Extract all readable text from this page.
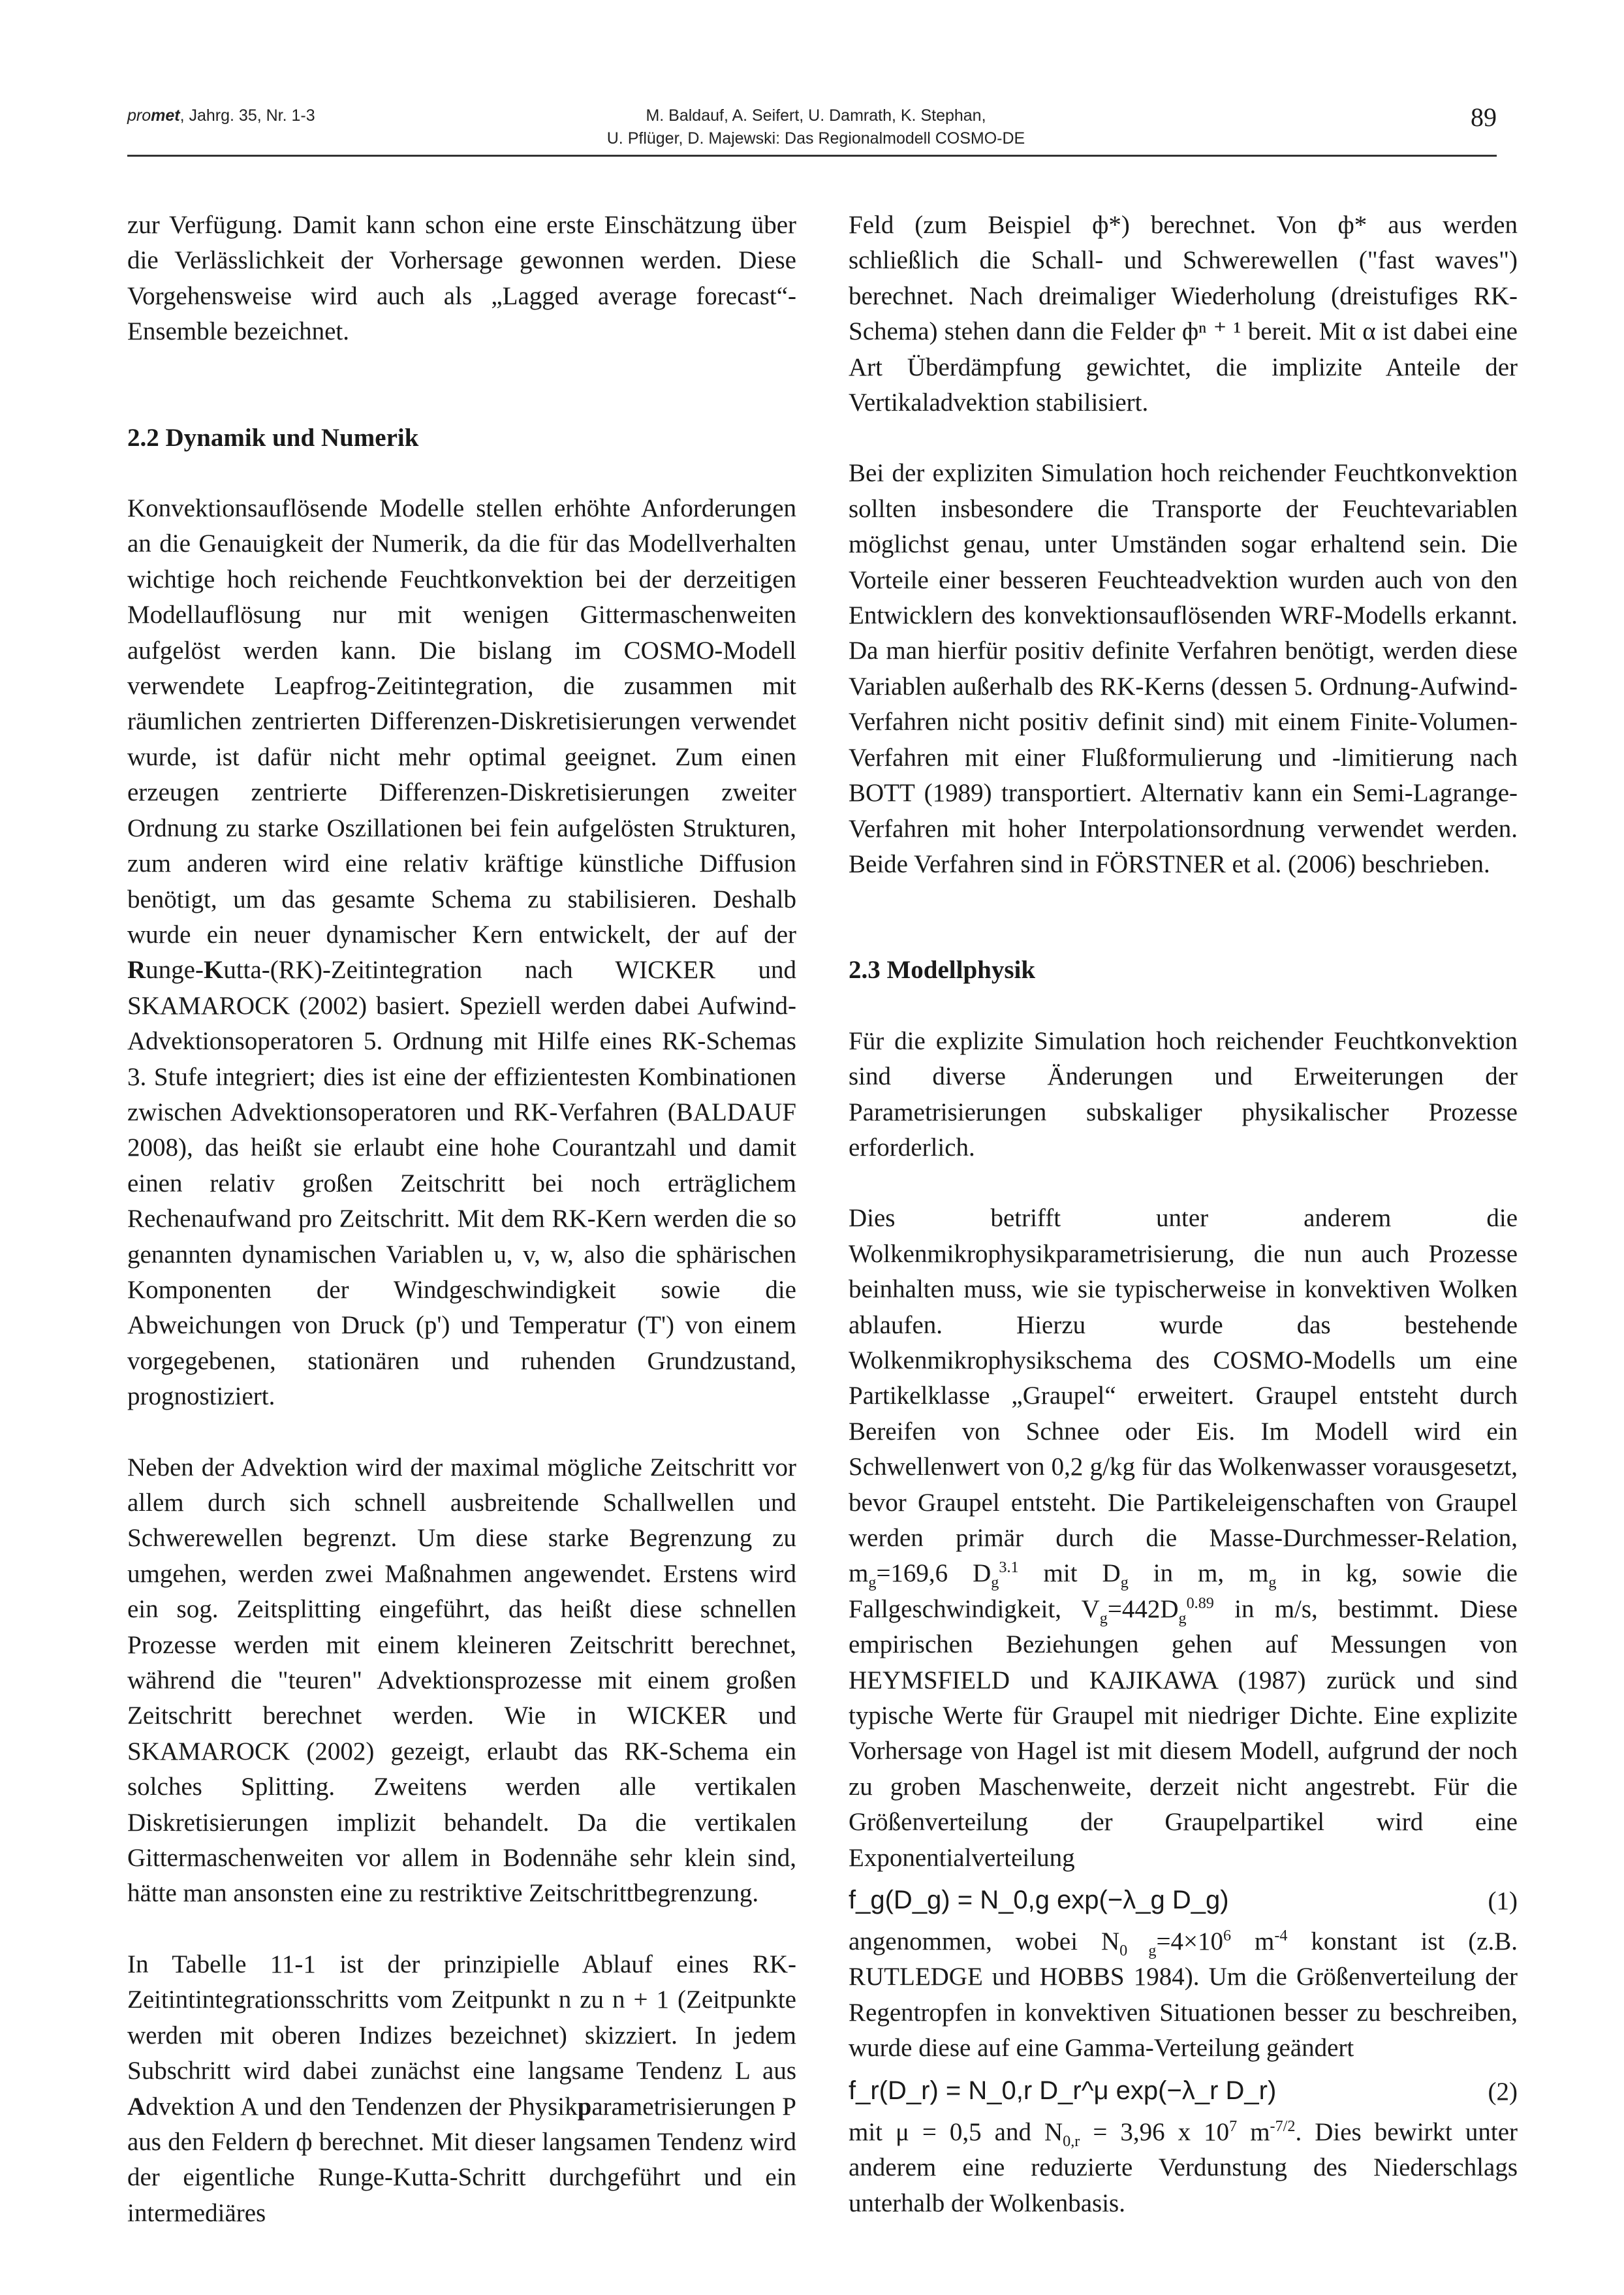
promet, Jahrg. 35, Nr. 1-3	M. Baldauf, A. Seifert, U. Damrath, K. Stephan,
U. Pflüger, D. Majewski: Das Regionalmodell COSMO-DE
89

zur Verfügung. Damit kann schon eine erste Einschätzung über die Verlässlichkeit der Vorhersage gewonnen werden. Diese Vorgehensweise wird auch als „Lagged average forecast“-Ensemble bezeichnet.

2.2 Dynamik und Numerik

Konvektionsauflösende Modelle stellen erhöhte Anforderungen an die Genauigkeit der Numerik, da die für das Modellverhalten wichtige hoch reichende Feuchtkonvektion bei der derzeitigen Modellauflösung nur mit wenigen Gittermaschenweiten aufgelöst werden kann. Die bislang im COSMO-Modell verwendete Leapfrog-Zeitintegration, die zusammen mit räumlichen zentrierten Differenzen-Diskretisierungen verwendet wurde, ist dafür nicht mehr optimal geeignet. Zum einen erzeugen zentrierte Differenzen-Diskretisierungen zweiter Ordnung zu starke Oszillationen bei fein aufgelösten Strukturen, zum anderen wird eine relativ kräftige künstliche Diffusion benötigt, um das gesamte Schema zu stabilisieren. Deshalb wurde ein neuer dynamischer Kern entwickelt, der auf der Runge-Kutta-(RK)-Zeitintegration nach WICKER und SKAMAROCK (2002) basiert. Speziell werden dabei Aufwind-Advektionsoperatoren 5. Ordnung mit Hilfe eines RK-Schemas 3. Stufe integriert; dies ist eine der effizientesten Kombinationen zwischen Advektionsoperatoren und RK-Verfahren (BALDAUF 2008), das heißt sie erlaubt eine hohe Courantzahl und damit einen relativ großen Zeitschritt bei noch erträglichem Rechenaufwand pro Zeitschritt. Mit dem RK-Kern werden die so genannten dynamischen Variablen u, v, w, also die sphärischen Komponenten der Windgeschwindigkeit sowie die Abweichungen von Druck (p') und Temperatur (T') von einem vorgegebenen, stationären und ruhenden Grundzustand, prognostiziert.

Neben der Advektion wird der maximal mögliche Zeitschritt vor allem durch sich schnell ausbreitende Schallwellen und Schwerewellen begrenzt. Um diese starke Begrenzung zu umgehen, werden zwei Maßnahmen angewendet. Erstens wird ein sog. Zeitsplitting eingeführt, das heißt diese schnellen Prozesse werden mit einem kleineren Zeitschritt berechnet, während die "teuren" Advektionsprozesse mit einem großen Zeitschritt berechnet werden. Wie in WICKER und SKAMAROCK (2002) gezeigt, erlaubt das RK-Schema ein solches Splitting. Zweitens werden alle vertikalen Diskretisierungen implizit behandelt. Da die vertikalen Gittermaschenweiten vor allem in Bodennähe sehr klein sind, hätte man ansonsten eine zu restriktive Zeitschrittbegrenzung.

In Tabelle 11-1 ist der prinzipielle Ablauf eines RK-Zeitintintegrationsschritts vom Zeitpunkt n zu n + 1 (Zeitpunkte werden mit oberen Indizes bezeichnet) skizziert. In jedem Subschritt wird dabei zunächst eine langsame Tendenz L aus Advektion A und den Tendenzen der Physikparametrisierungen P aus den Feldern ф berechnet. Mit dieser langsamen Tendenz wird der eigentliche Runge-Kutta-Schritt durchgeführt und ein intermediäres

Feld (zum Beispiel ф*) berechnet. Von ф* aus werden schließlich die Schall- und Schwerewellen ("fast waves") berechnet. Nach dreimaliger Wiederholung (dreistufiges RK-Schema) stehen dann die Felder фⁿ ⁺ ¹ bereit. Mit α ist dabei eine Art Überdämpfung gewichtet, die implizite Anteile der Vertikaladvektion stabilisiert.

Bei der expliziten Simulation hoch reichender Feuchtkonvektion sollten insbesondere die Transporte der Feuchtevariablen möglichst genau, unter Umständen sogar erhaltend sein. Die Vorteile einer besseren Feuchteadvektion wurden auch von den Entwicklern des konvektionsauflösenden WRF-Modells erkannt. Da man hierfür positiv definite Verfahren benötigt, werden diese Variablen außerhalb des RK-Kerns (dessen 5. Ordnung-Aufwind-Verfahren nicht positiv definit sind) mit einem Finite-Volumen-Verfahren mit einer Flußformulierung und -limitierung nach BOTT (1989) transportiert. Alternativ kann ein Semi-Lagrange-Verfahren mit hoher Interpolationsordnung verwendet werden. Beide Verfahren sind in FÖRSTNER et al. (2006) beschrieben.

2.3 Modellphysik

Für die explizite Simulation hoch reichender Feuchtkonvektion sind diverse Änderungen und Erweiterungen der Parametrisierungen subskaliger physikalischer Prozesse erforderlich.

Dies betrifft unter anderem die Wolkenmikrophysikparametrisierung, die nun auch Prozesse beinhalten muss, wie sie typischerweise in konvektiven Wolken ablaufen. Hierzu wurde das bestehende Wolkenmikrophysikschema des COSMO-Modells um eine Partikelklasse „Graupel“ erweitert. Graupel entsteht durch Bereifen von Schnee oder Eis. Im Modell wird ein Schwellenwert von 0,2 g/kg für das Wolkenwasser vorausgesetzt, bevor Graupel entsteht. Die Partikeleigenschaften von Graupel werden primär durch die Masse-Durchmesser-Relation, $m_g=169,6$ $D_g^{3.1}$ mit $D_g$ in m, $m_g$ in kg, sowie die Fallgeschwindigkeit, $V_g=442D_g^{0.89}$ in m/s, bestimmt. Diese empirischen Beziehungen gehen auf Messungen von HEYMSFIELD und KAJIKAWA (1987) zurück und sind typische Werte für Graupel mit niedriger Dichte. Eine explizite Vorhersage von Hagel ist mit diesem Modell, aufgrund der noch zu groben Maschenweite, derzeit nicht angestrebt. Für die Größenverteilung der Graupelpartikel wird eine Exponentialverteilung

f_g(D_g) = N_0,g exp(−λ_g D_g)	(1)

angenommen, wobei $N_{0 g}=4\times 10^6$ $m^{-4}$ konstant ist (z.B. RUTLEDGE und HOBBS 1984). Um die Größenverteilung der Regentropfen in konvektiven Situationen besser zu beschreiben, wurde diese auf eine Gamma-Verteilung geändert

f_r(D_r) = N_0,r D_r^μ exp(−λ_r D_r)	(2)

mit μ = 0,5 and $N_{0,r} = 3,96$ x $10^7$ $m^{-7/2}$. Dies bewirkt unter anderem eine reduzierte Verdunstung des Niederschlags unterhalb der Wolkenbasis.
